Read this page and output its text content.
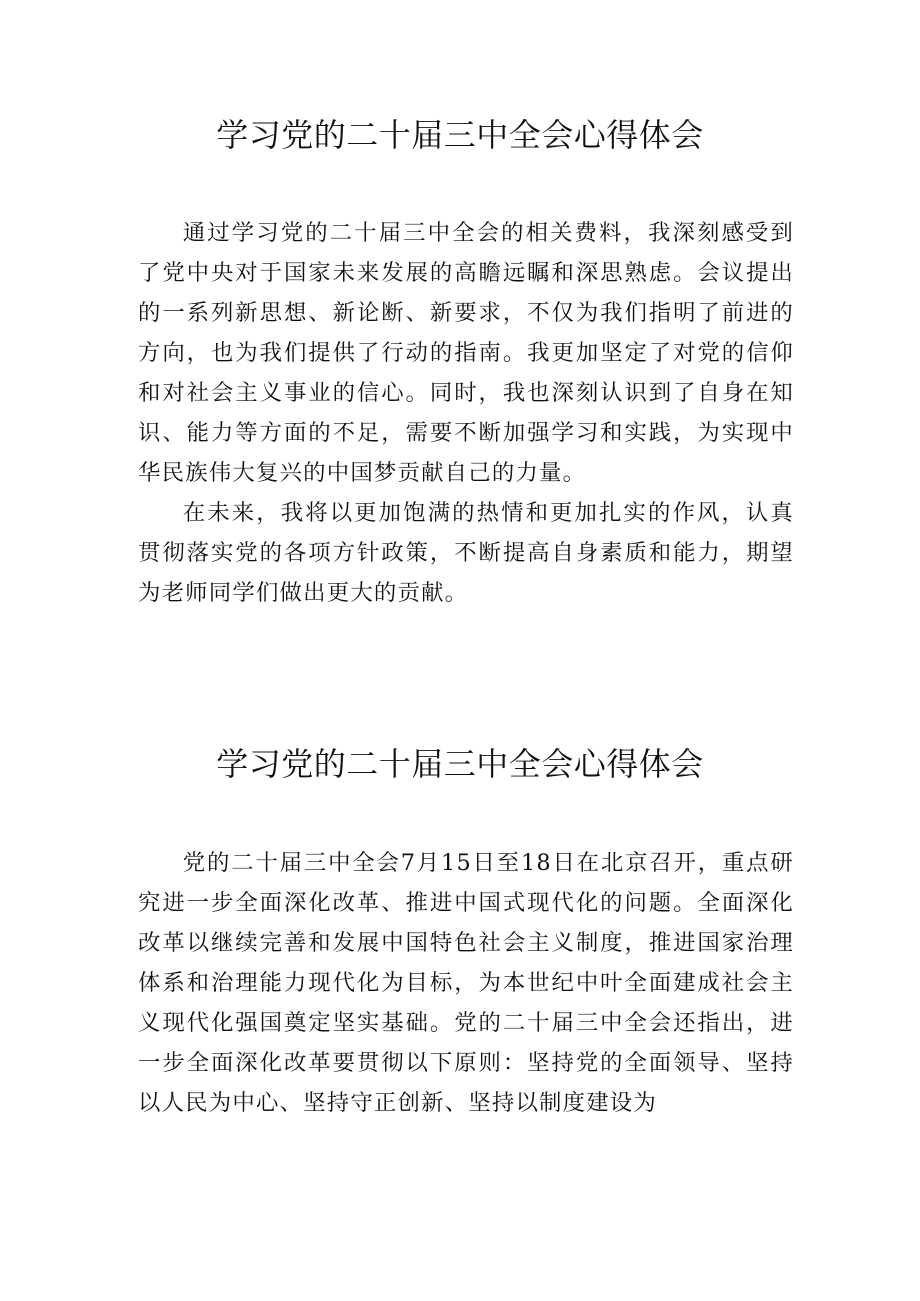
学习党的二十届三中全会心得体会

通过学习党的二十届三中全会的相关费料，我深刻感受到了党中央对于国家未来发展的高瞻远瞩和深思熟虑。会议提出的一系列新思想、新论断、新要求，不仅为我们指明了前进的方向，也为我们提供了行动的指南。我更加坚定了对党的信仰和对社会主义事业的信心。同时，我也深刻认识到了自身在知识、能力等方面的不足，需要不断加强学习和实践，为实现中华民族伟大复兴的中国梦贡献自己的力量。

在未来，我将以更加饱满的热情和更加扎实的作风，认真贯彻落实党的各项方针政策，不断提高自身素质和能力，期望为老师同学们做出更大的贡献。

学习党的二十届三中全会心得体会

党的二十届三中全会7月15日至18日在北京召开，重点研究进一步全面深化改革、推进中国式现代化的问题。全面深化改革以继续完善和发展中国特色社会主义制度，推进国家治理体系和治理能力现代化为目标，为本世纪中叶全面建成社会主义现代化强国奠定坚实基础。党的二十届三中全会还指出，进一步全面深化改革要贯彻以下原则：坚持党的全面领导、坚持以人民为中心、坚持守正创新、坚持以制度建设为
